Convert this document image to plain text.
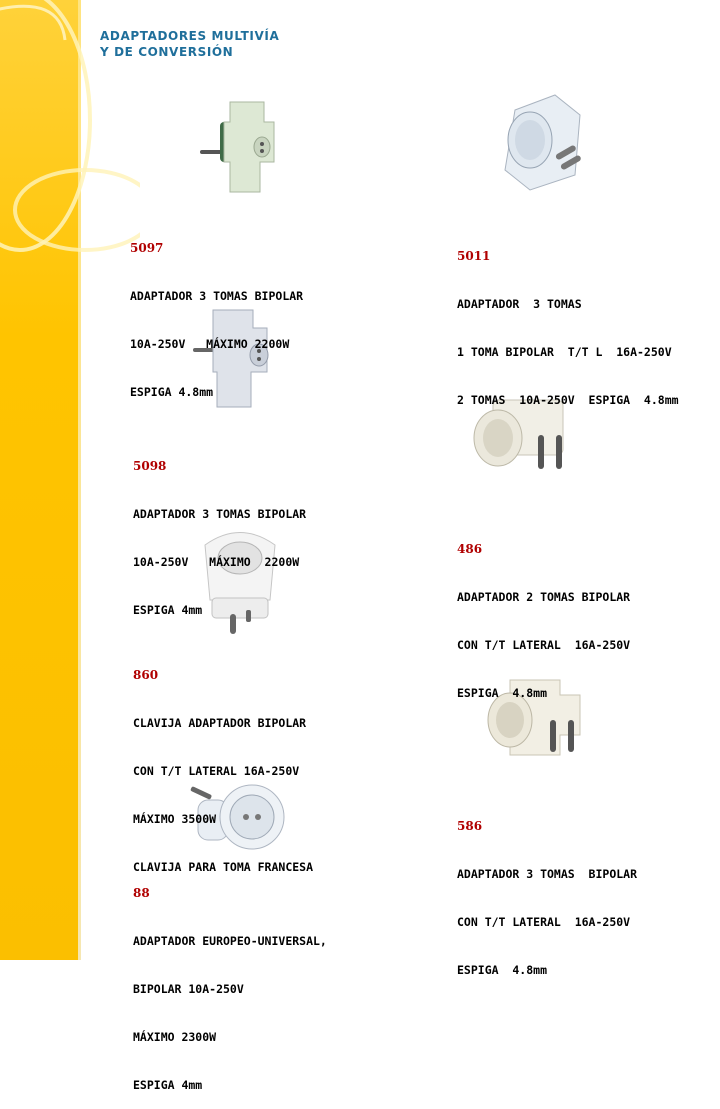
ADAPTADORES MULTIVÍA
Y DE CONVERSIÓN

5097

ADAPTADOR 3 TOMAS BIPOLAR

10A-250V   MÁXIMO 2200W

ESPIGA 4.8mm

5011

ADAPTADOR  3 TOMAS

1 TOMA BIPOLAR  T/T L  16A-250V

2 TOMAS  10A-250V  ESPIGA  4.8mm

5098

ADAPTADOR 3 TOMAS BIPOLAR

10A-250V   MÁXIMO  2200W

ESPIGA 4mm

486

ADAPTADOR 2 TOMAS BIPOLAR

CON T/T LATERAL  16A-250V

ESPIGA  4.8mm

860

CLAVIJA ADAPTADOR BIPOLAR

CON T/T LATERAL 16A-250V

MÁXIMO 3500W

CLAVIJA PARA TOMA FRANCESA

586

ADAPTADOR 3 TOMAS  BIPOLAR

CON T/T LATERAL  16A-250V

ESPIGA  4.8mm

88

ADAPTADOR EUROPEO-UNIVERSAL,

BIPOLAR 10A-250V

MÁXIMO 2300W

ESPIGA 4mm
